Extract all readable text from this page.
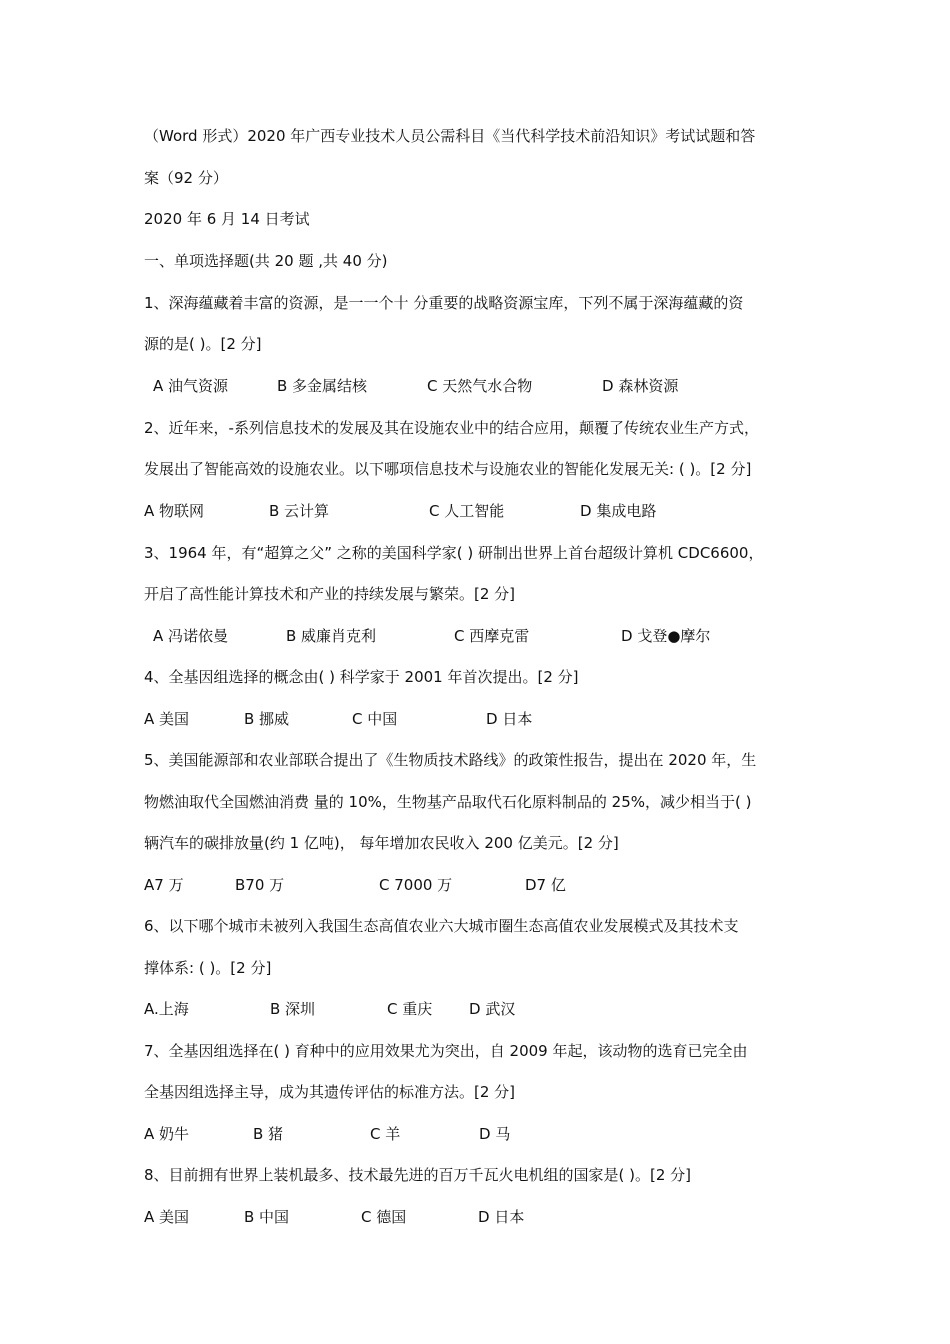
（Word 形式）2020 年广西专业技术人员公需科目《当代科学技术前沿知识》考试试题和答
案（92 分）
2020 年 6 月 14 日考试
一、单项选择题(共 20 题 ,共 40 分)
1、深海蕴藏着丰富的资源，是一一个十 分重要的战略资源宝库，下列不属于深海蕴藏的资
源的是( )。[2 分]
A 油气资源	B 多金属结核	C 天然气水合物	D 森林资源
2、近年来，-系列信息技术的发展及其在设施农业中的结合应用，颠覆了传统农业生产方式，
发展出了智能高效的设施农业。以下哪项信息技术与设施农业的智能化发展无关: ( )。[2 分]
A 物联网	B 云计算	C 人工智能	D 集成电路
3、1964 年，有“超算之父” 之称的美国科学家( ) 研制出世界上首台超级计算机 CDC6600，
开启了高性能计算技术和产业的持续发展与繁荣。[2 分]
A 冯诺依曼	B 威廉肖克利	C 西摩克雷	D 戈登●摩尔
4、全基因组选择的概念由( ) 科学家于 2001 年首次提出。[2 分]
A 美国	B 挪威	C 中国	D 日本
5、美国能源部和农业部联合提出了《生物质技术路线》的政策性报告，提出在 2020 年，生
物燃油取代全国燃油消费 量的 10%，生物基产品取代石化原料制品的 25%，减少相当于( )
辆汽车的碳排放量(约 1 亿吨)， 每年增加农民收入 200 亿美元。[2 分]
A7 万	B70 万	C 7000 万	D7 亿
6、以下哪个城市未被列入我国生态高值农业六大城市圈生态高值农业发展模式及其技术支
撑体系: ( )。[2 分]
A.上海	B 深圳	C 重庆 D 武汉
7、全基因组选择在( ) 育种中的应用效果尤为突出，自 2009 年起，该动物的选育已完全由
全基因组选择主导，成为其遗传评估的标准方法。[2 分]
A 奶牛	B 猪	C 羊	D 马
8、目前拥有世界上装机最多、技术最先进的百万千瓦火电机组的国家是( )。[2 分]
A 美国	B 中国	C 德国	D 日本
